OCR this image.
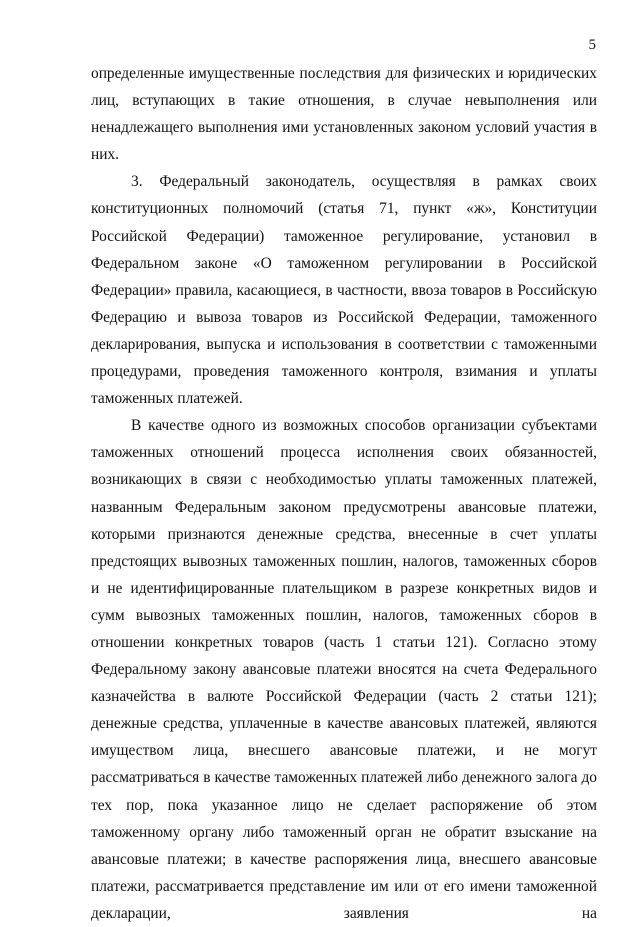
5

определенные имущественные последствия для физических и юридических лиц, вступающих в такие отношения, в случае невыполнения или ненадлежащего выполнения ими установленных законом условий участия в них.

3. Федеральный законодатель, осуществляя в рамках своих конституционных полномочий (статья 71, пункт «ж», Конституции Российской Федерации) таможенное регулирование, установил в Федеральном законе «О таможенном регулировании в Российской Федерации» правила, касающиеся, в частности, ввоза товаров в Российскую Федерацию и вывоза товаров из Российской Федерации, таможенного декларирования, выпуска и использования в соответствии с таможенными процедурами, проведения таможенного контроля, взимания и уплаты таможенных платежей.

В качестве одного из возможных способов организации субъектами таможенных отношений процесса исполнения своих обязанностей, возникающих в связи с необходимостью уплаты таможенных платежей, названным Федеральным законом предусмотрены авансовые платежи, которыми признаются денежные средства, внесенные в счет уплаты предстоящих вывозных таможенных пошлин, налогов, таможенных сборов и не идентифицированные плательщиком в разрезе конкретных видов и сумм вывозных таможенных пошлин, налогов, таможенных сборов в отношении конкретных товаров (часть 1 статьи 121). Согласно этому Федеральному закону авансовые платежи вносятся на счета Федерального казначейства в валюте Российской Федерации (часть 2 статьи 121); денежные средства, уплаченные в качестве авансовых платежей, являются имуществом лица, внесшего авансовые платежи, и не могут рассматриваться в качестве таможенных платежей либо денежного залога до тех пор, пока указанное лицо не сделает распоряжение об этом таможенному органу либо таможенный орган не обратит взыскание на авансовые платежи; в качестве распоряжения лица, внесшего авансовые платежи, рассматривается представление им или от его имени таможенной декларации, заявления на
